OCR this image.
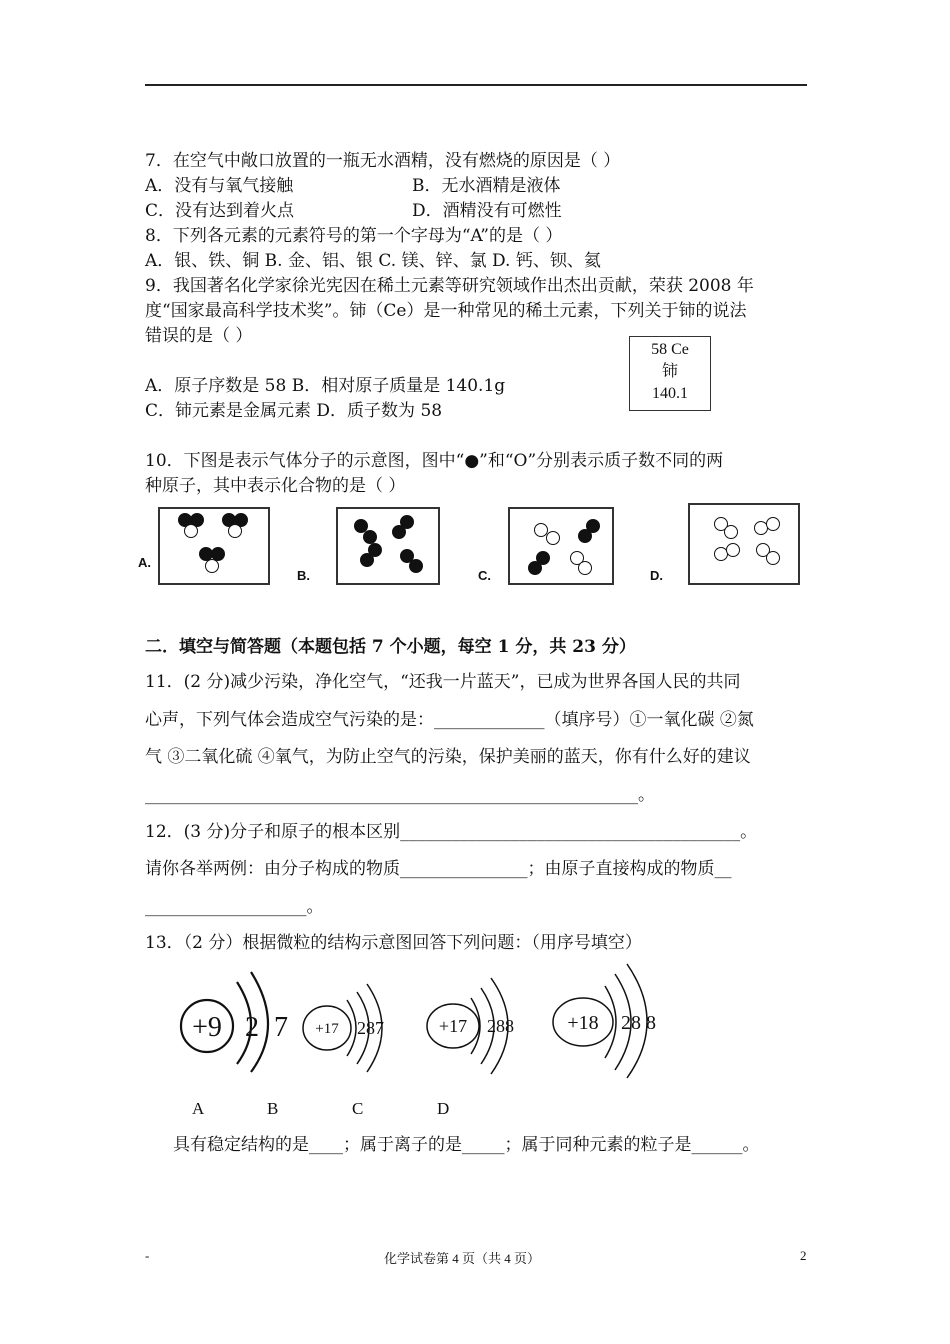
7．在空气中敞口放置的一瓶无水酒精，没有燃烧的原因是（ ）
A．没有与氧气接触	B．无水酒精是液体
C．没有达到着火点	D．酒精没有可燃性
8．下列各元素的元素符号的第一个字母为“A”的是（ ）
A．银、铁、铜 B. 金、铝、银 C. 镁、锌、氯 D. 钙、钡、氦
9．我国著名化学家徐光宪因在稀土元素等研究领域作出杰出贡献，荣获 2008 年
度“国家最高科学技术奖”。铈（Ce）是一种常见的稀土元素，下列关于铈的说法
错误的是（ ）
58 Ce
铈
140.1
A．原子序数是 58 B．相对原子质量是 140.1g
C．铈元素是金属元素 D．质子数为 58
10．下图是表示气体分子的示意图，图中“●”和“O”分别表示质子数不同的两
种原子，其中表示化合物的是（ ）
A.
B.	C.	D.
二．填空与简答题（本题包括 7 个小题，每空 1 分，共 23 分）
11．(2 分)减少污染，净化空气，“还我一片蓝天”，已成为世界各国人民的共同
心声，下列气体会造成空气污染的是：_____________（填序号）①一氧化碳 ②氮
气 ③二氧化硫 ④氧气，为防止空气的污染，保护美丽的蓝天，你有什么好的建议
__________________________________________________________。
12．(3 分)分子和原子的根本区别________________________________________。
请你各举两例：由分子构成的物质_______________；由原子直接构成的物质__
___________________。
13．（2 分）根据微粒的结构示意图回答下列问题：（用序号填空）
+9 2 7 +17 287	+17 288	+18 28 8
A	B	C	D
具有稳定结构的是____；属于离子的是_____；属于同种元素的粒子是______。
-	化学试卷第 4 页（共 4 页）	2
